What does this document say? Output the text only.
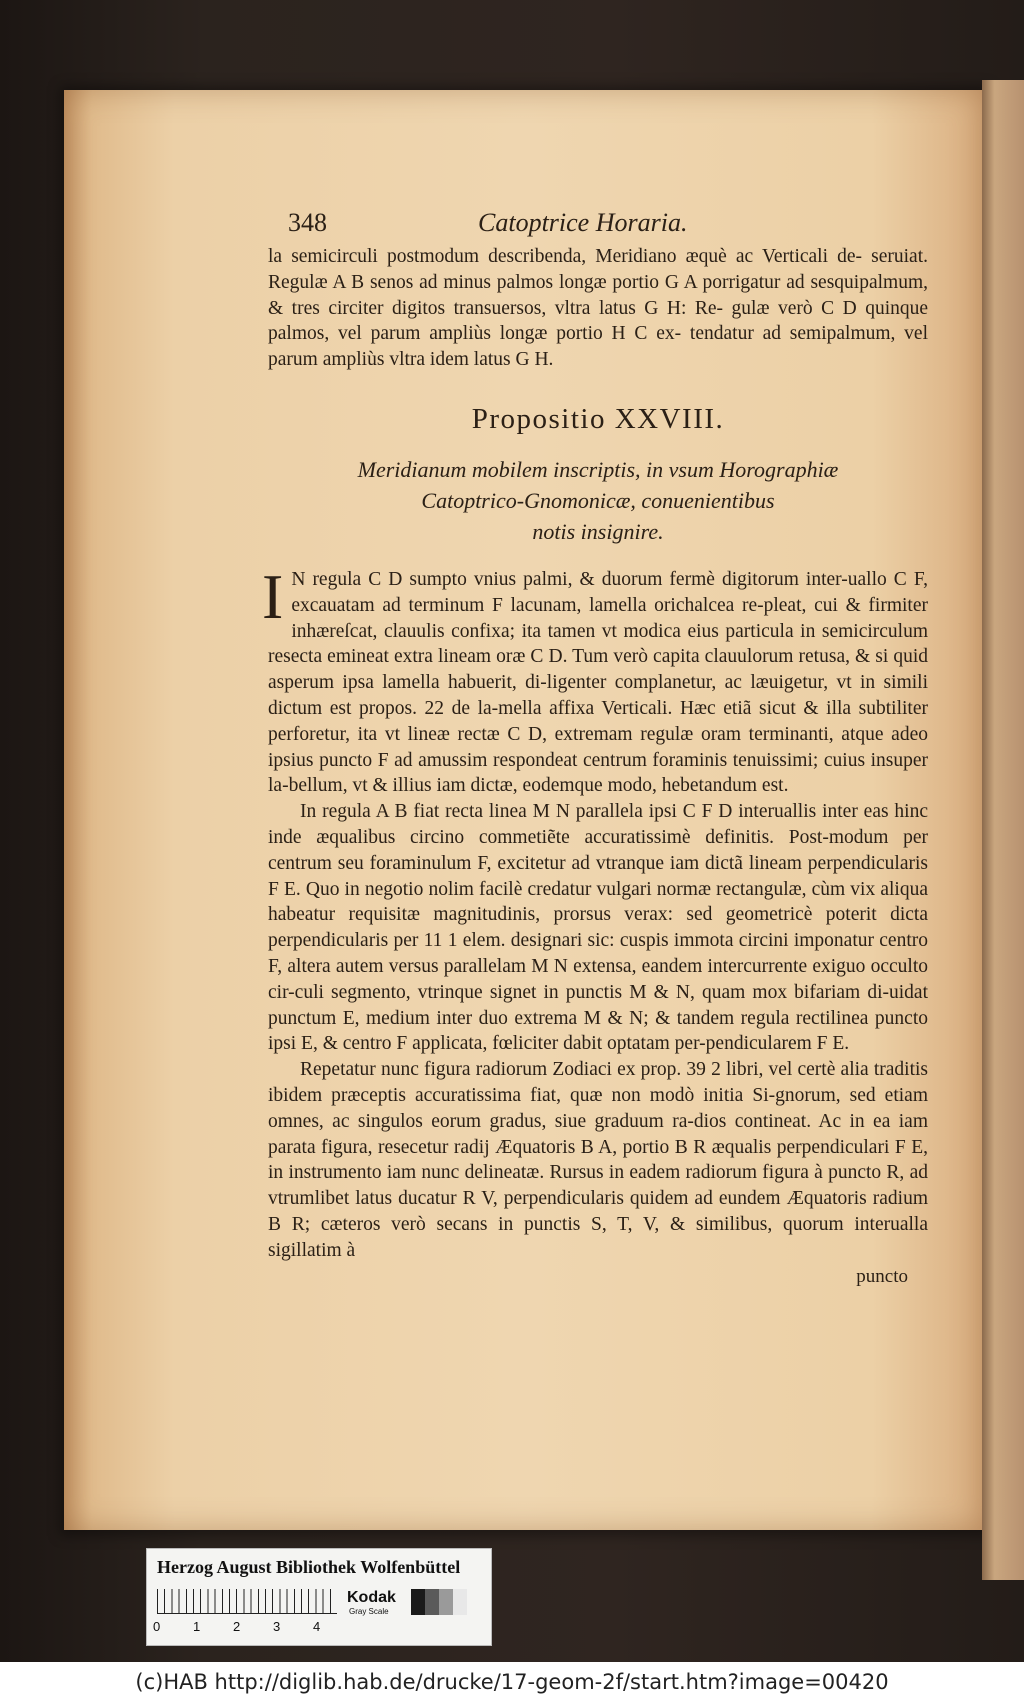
348	Catoptrice Horaria.

la semicirculi postmodum describenda, Meridiano æquè ac Verticali de- seruiat. Regulæ A B senos ad minus palmos longæ portio G A porrigatur ad sesquipalmum, & tres circiter digitos transuersos, vltra latus G H: Re- gulæ verò C D quinque palmos, vel parum ampliùs longæ portio H C ex- tendatur ad semipalmum, vel parum ampliùs vltra idem latus G H.

Propositio XXVIII.
Meridianum mobilem inscriptis, in vsum Horographiæ
Catoptrico-Gnomonicæ, conuenientibus
notis insignire.

I N regula C D sumpto vnius palmi, & duorum fermè digitorum inter-uallo C F, excauatam ad terminum F lacunam, lamella orichalcea re-pleat, cui & firmiter inhæreſcat, clauulis confixa; ita tamen vt modica eius particula in semicirculum resecta emineat extra lineam oræ C D. Tum verò capita clauulorum retusa, & si quid asperum ipsa lamella habuerit, di-ligenter complanetur, ac læuigetur, vt in simili dictum est propos. 22 de la-mella affixa Verticali. Hæc etiã sicut & illa subtiliter perforetur, ita vt lineæ rectæ C D, extremam regulæ oram terminanti, atque adeo ipsius puncto F ad amussim respondeat centrum foraminis tenuissimi; cuius insuper la-bellum, vt & illius iam dictæ, eodemque modo, hebetandum est.

In regula A B fiat recta linea M N parallela ipsi C F D interuallis inter eas hinc inde æqualibus circino commetiẽte accuratissimè definitis. Post-modum per centrum seu foraminulum F, excitetur ad vtranque iam dictã lineam perpendicularis F E. Quo in negotio nolim facilè credatur vulgari normæ rectangulæ, cùm vix aliqua habeatur requisitæ magnitudinis, prorsus verax: sed geometricè poterit dicta perpendicularis per 11 1 elem. designari sic: cuspis immota circini imponatur centro F, altera autem versus parallelam M N extensa, eandem intercurrente exiguo occulto cir-culi segmento, vtrinque signet in punctis M & N, quam mox bifariam di-uidat punctum E, medium inter duo extrema M & N; & tandem regula rectilinea puncto ipsi E, & centro F applicata, fœliciter dabit optatam per-pendicularem F E.

Repetatur nunc figura radiorum Zodiaci ex prop. 39 2 libri, vel certè alia traditis ibidem præceptis accuratissima fiat, quæ non modò initia Si-gnorum, sed etiam omnes, ac singulos eorum gradus, siue graduum ra-dios contineat. Ac in ea iam parata figura, resecetur radij Æquatoris B A, portio B R æqualis perpendiculari F E, in instrumento iam nunc delineatæ. Rursus in eadem radiorum figura à puncto R, ad vtrumlibet latus ducatur R V, perpendicularis quidem ad eundem Æquatoris radium B R; cæteros verò secans in punctis S, T, V, & similibus, quorum interualla sigillatim à

puncto
Herzog August Bibliothek Wolfenbüttel
0	1	2	3	4
Kodak
Gray Scale
(c)HAB http://diglib.hab.de/drucke/17-geom-2f/start.htm?image=00420
